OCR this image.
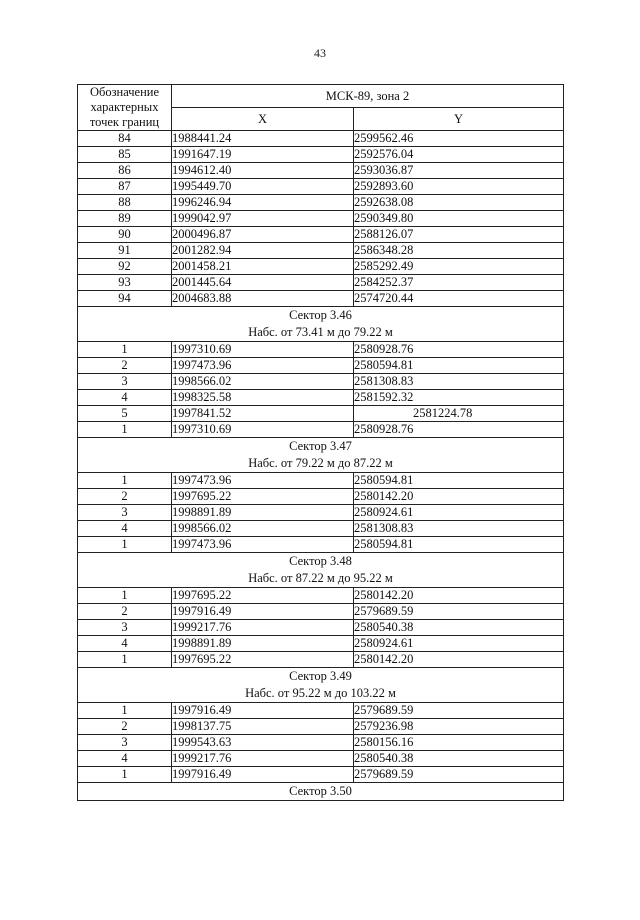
43
Обозначение
характерных
точек границ	МСК-89, зона 2	
	X	Y
84	1988441.24	2599562.46
85	1991647.19	2592576.04
86	1994612.40	2593036.87
87	1995449.70	2592893.60
88	1996246.94	2592638.08
89	1999042.97	2590349.80
90	2000496.87	2588126.07
91	2001282.94	2586348.28
92	2001458.21	2585292.49
93	2001445.64	2584252.37
94	2004683.88	2574720.44

Сектор 3.46
Набс. от 73.41 м до 79.22 м		

1	1997310.69	2580928.76
2	1997473.96	2580594.81
3	1998566.02	2581308.83
4	1998325.58	2581592.32
5	1997841.52	2581224.78
1	1997310.69	2580928.76

Сектор 3.47
Набс. от 79.22 м до 87.22 м		

1	1997473.96	2580594.81
2	1997695.22	2580142.20
3	1998891.89	2580924.61
4	1998566.02	2581308.83
1	1997473.96	2580594.81

Сектор 3.48
Набс. от 87.22 м до 95.22 м		

1	1997695.22	2580142.20
2	1997916.49	2579689.59
3	1999217.76	2580540.38
4	1998891.89	2580924.61
1	1997695.22	2580142.20

Сектор 3.49
Набс. от 95.22 м до 103.22 м		

1	1997916.49	2579689.59
2	1998137.75	2579236.98
3	1999543.63	2580156.16
4	1999217.76	2580540.38
1	1997916.49	2579689.59

Сектор 3.50		
